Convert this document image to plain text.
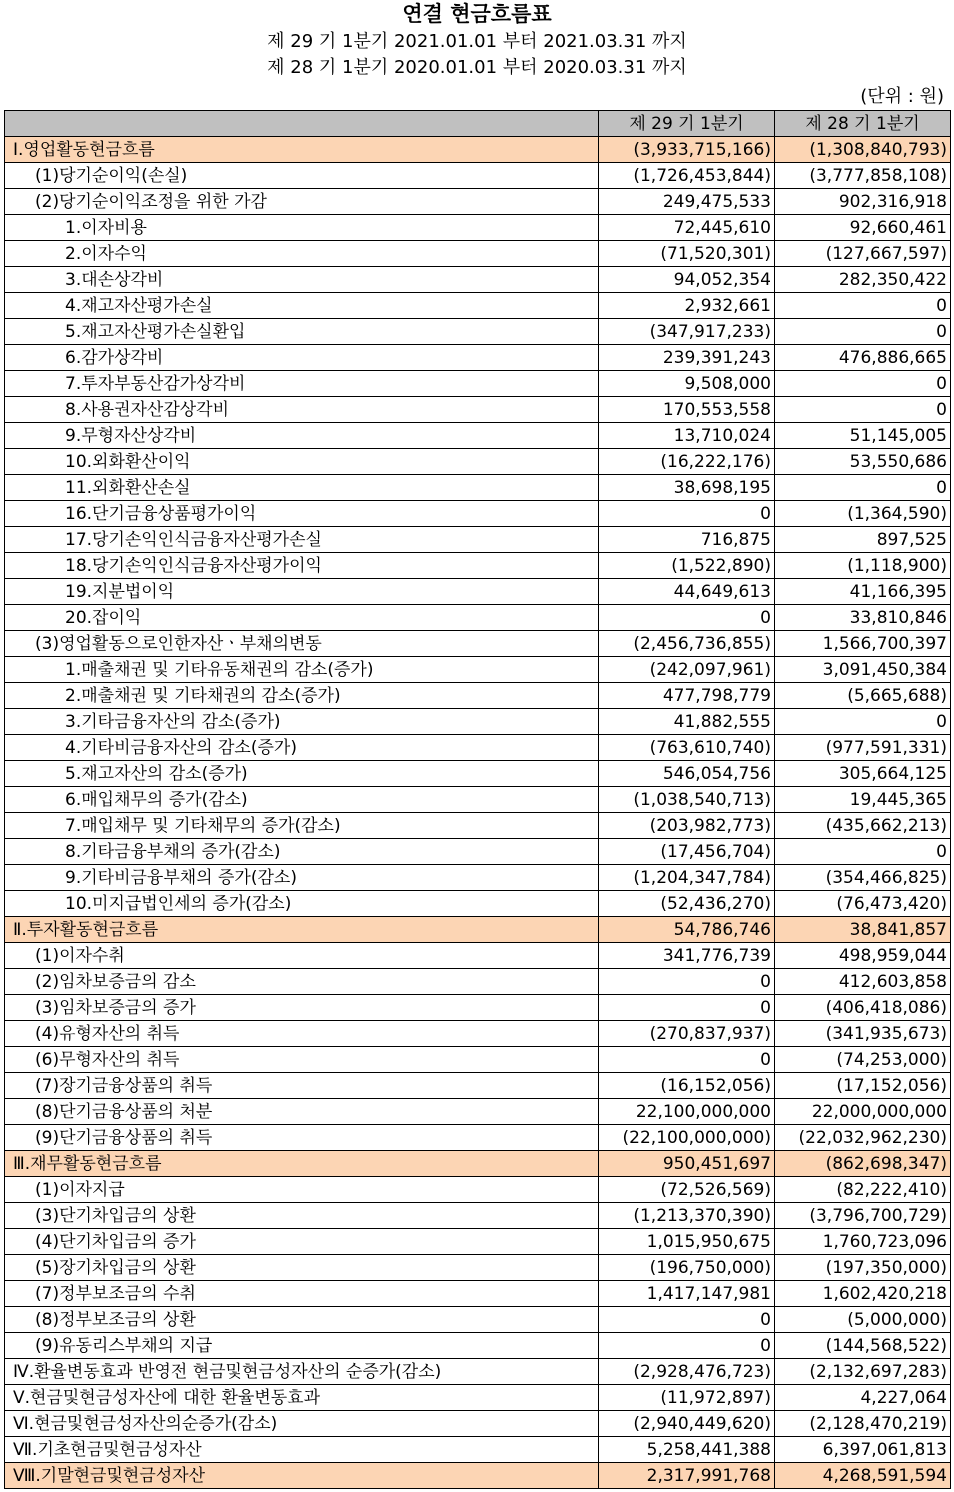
연결 현금흐름표
제 29 기 1분기 2021.01.01 부터 2021.03.31 까지
제 28 기 1분기 2020.01.01 부터 2020.03.31 까지
(단위 : 원)
	제 29 기 1분기	제 28 기 1분기
Ⅰ.영업활동현금흐름	(3,933,715,166)	(1,308,840,793)
(1)당기순이익(손실)	(1,726,453,844)	(3,777,858,108)
(2)당기순이익조정을 위한 가감	249,475,533	902,316,918
1.이자비용	72,445,610	92,660,461
2.이자수익	(71,520,301)	(127,667,597)
3.대손상각비	94,052,354	282,350,422
4.재고자산평가손실	2,932,661	0
5.재고자산평가손실환입	(347,917,233)	0
6.감가상각비	239,391,243	476,886,665
7.투자부동산감가상각비	9,508,000	0
8.사용권자산감상각비	170,553,558	0
9.무형자산상각비	13,710,024	51,145,005
10.외화환산이익	(16,222,176)	53,550,686
11.외화환산손실	38,698,195	0
16.단기금융상품평가이익	0	(1,364,590)
17.당기손익인식금융자산평가손실	716,875	897,525
18.당기손익인식금융자산평가이익	(1,522,890)	(1,118,900)
19.지분법이익	44,649,613	41,166,395
20.잡이익	0	33,810,846
(3)영업활동으로인한자산ㆍ부채의변동	(2,456,736,855)	1,566,700,397
1.매출채권 및 기타유동채권의 감소(증가)	(242,097,961)	3,091,450,384
2.매출채권 및 기타채권의 감소(증가)	477,798,779	(5,665,688)
3.기타금융자산의 감소(증가)	41,882,555	0
4.기타비금융자산의 감소(증가)	(763,610,740)	(977,591,331)
5.재고자산의 감소(증가)	546,054,756	305,664,125
6.매입채무의 증가(감소)	(1,038,540,713)	19,445,365
7.매입채무 및 기타채무의 증가(감소)	(203,982,773)	(435,662,213)
8.기타금융부채의 증가(감소)	(17,456,704)	0
9.기타비금융부채의 증가(감소)	(1,204,347,784)	(354,466,825)
10.미지급법인세의 증가(감소)	(52,436,270)	(76,473,420)
Ⅱ.투자활동현금흐름	54,786,746	38,841,857
(1)이자수취	341,776,739	498,959,044
(2)임차보증금의 감소	0	412,603,858
(3)임차보증금의 증가	0	(406,418,086)
(4)유형자산의 취득	(270,837,937)	(341,935,673)
(6)무형자산의 취득	0	(74,253,000)
(7)장기금융상품의 취득	(16,152,056)	(17,152,056)
(8)단기금융상품의 처분	22,100,000,000	22,000,000,000
(9)단기금융상품의 취득	(22,100,000,000)	(22,032,962,230)
Ⅲ.재무활동현금흐름	950,451,697	(862,698,347)
(1)이자지급	(72,526,569)	(82,222,410)
(3)단기차입금의 상환	(1,213,370,390)	(3,796,700,729)
(4)단기차입금의 증가	1,015,950,675	1,760,723,096
(5)장기차입금의 상환	(196,750,000)	(197,350,000)
(7)정부보조금의 수취	1,417,147,981	1,602,420,218
(8)정부보조금의 상환	0	(5,000,000)
(9)유동리스부채의 지급	0	(144,568,522)
Ⅳ.환율변동효과 반영전 현금및현금성자산의 순증가(감소)	(2,928,476,723)	(2,132,697,283)
Ⅴ.현금및현금성자산에 대한 환율변동효과	(11,972,897)	4,227,064
Ⅵ.현금및현금성자산의순증가(감소)	(2,940,449,620)	(2,128,470,219)
Ⅶ.기초현금및현금성자산	5,258,441,388	6,397,061,813
Ⅷ.기말현금및현금성자산	2,317,991,768	4,268,591,594
